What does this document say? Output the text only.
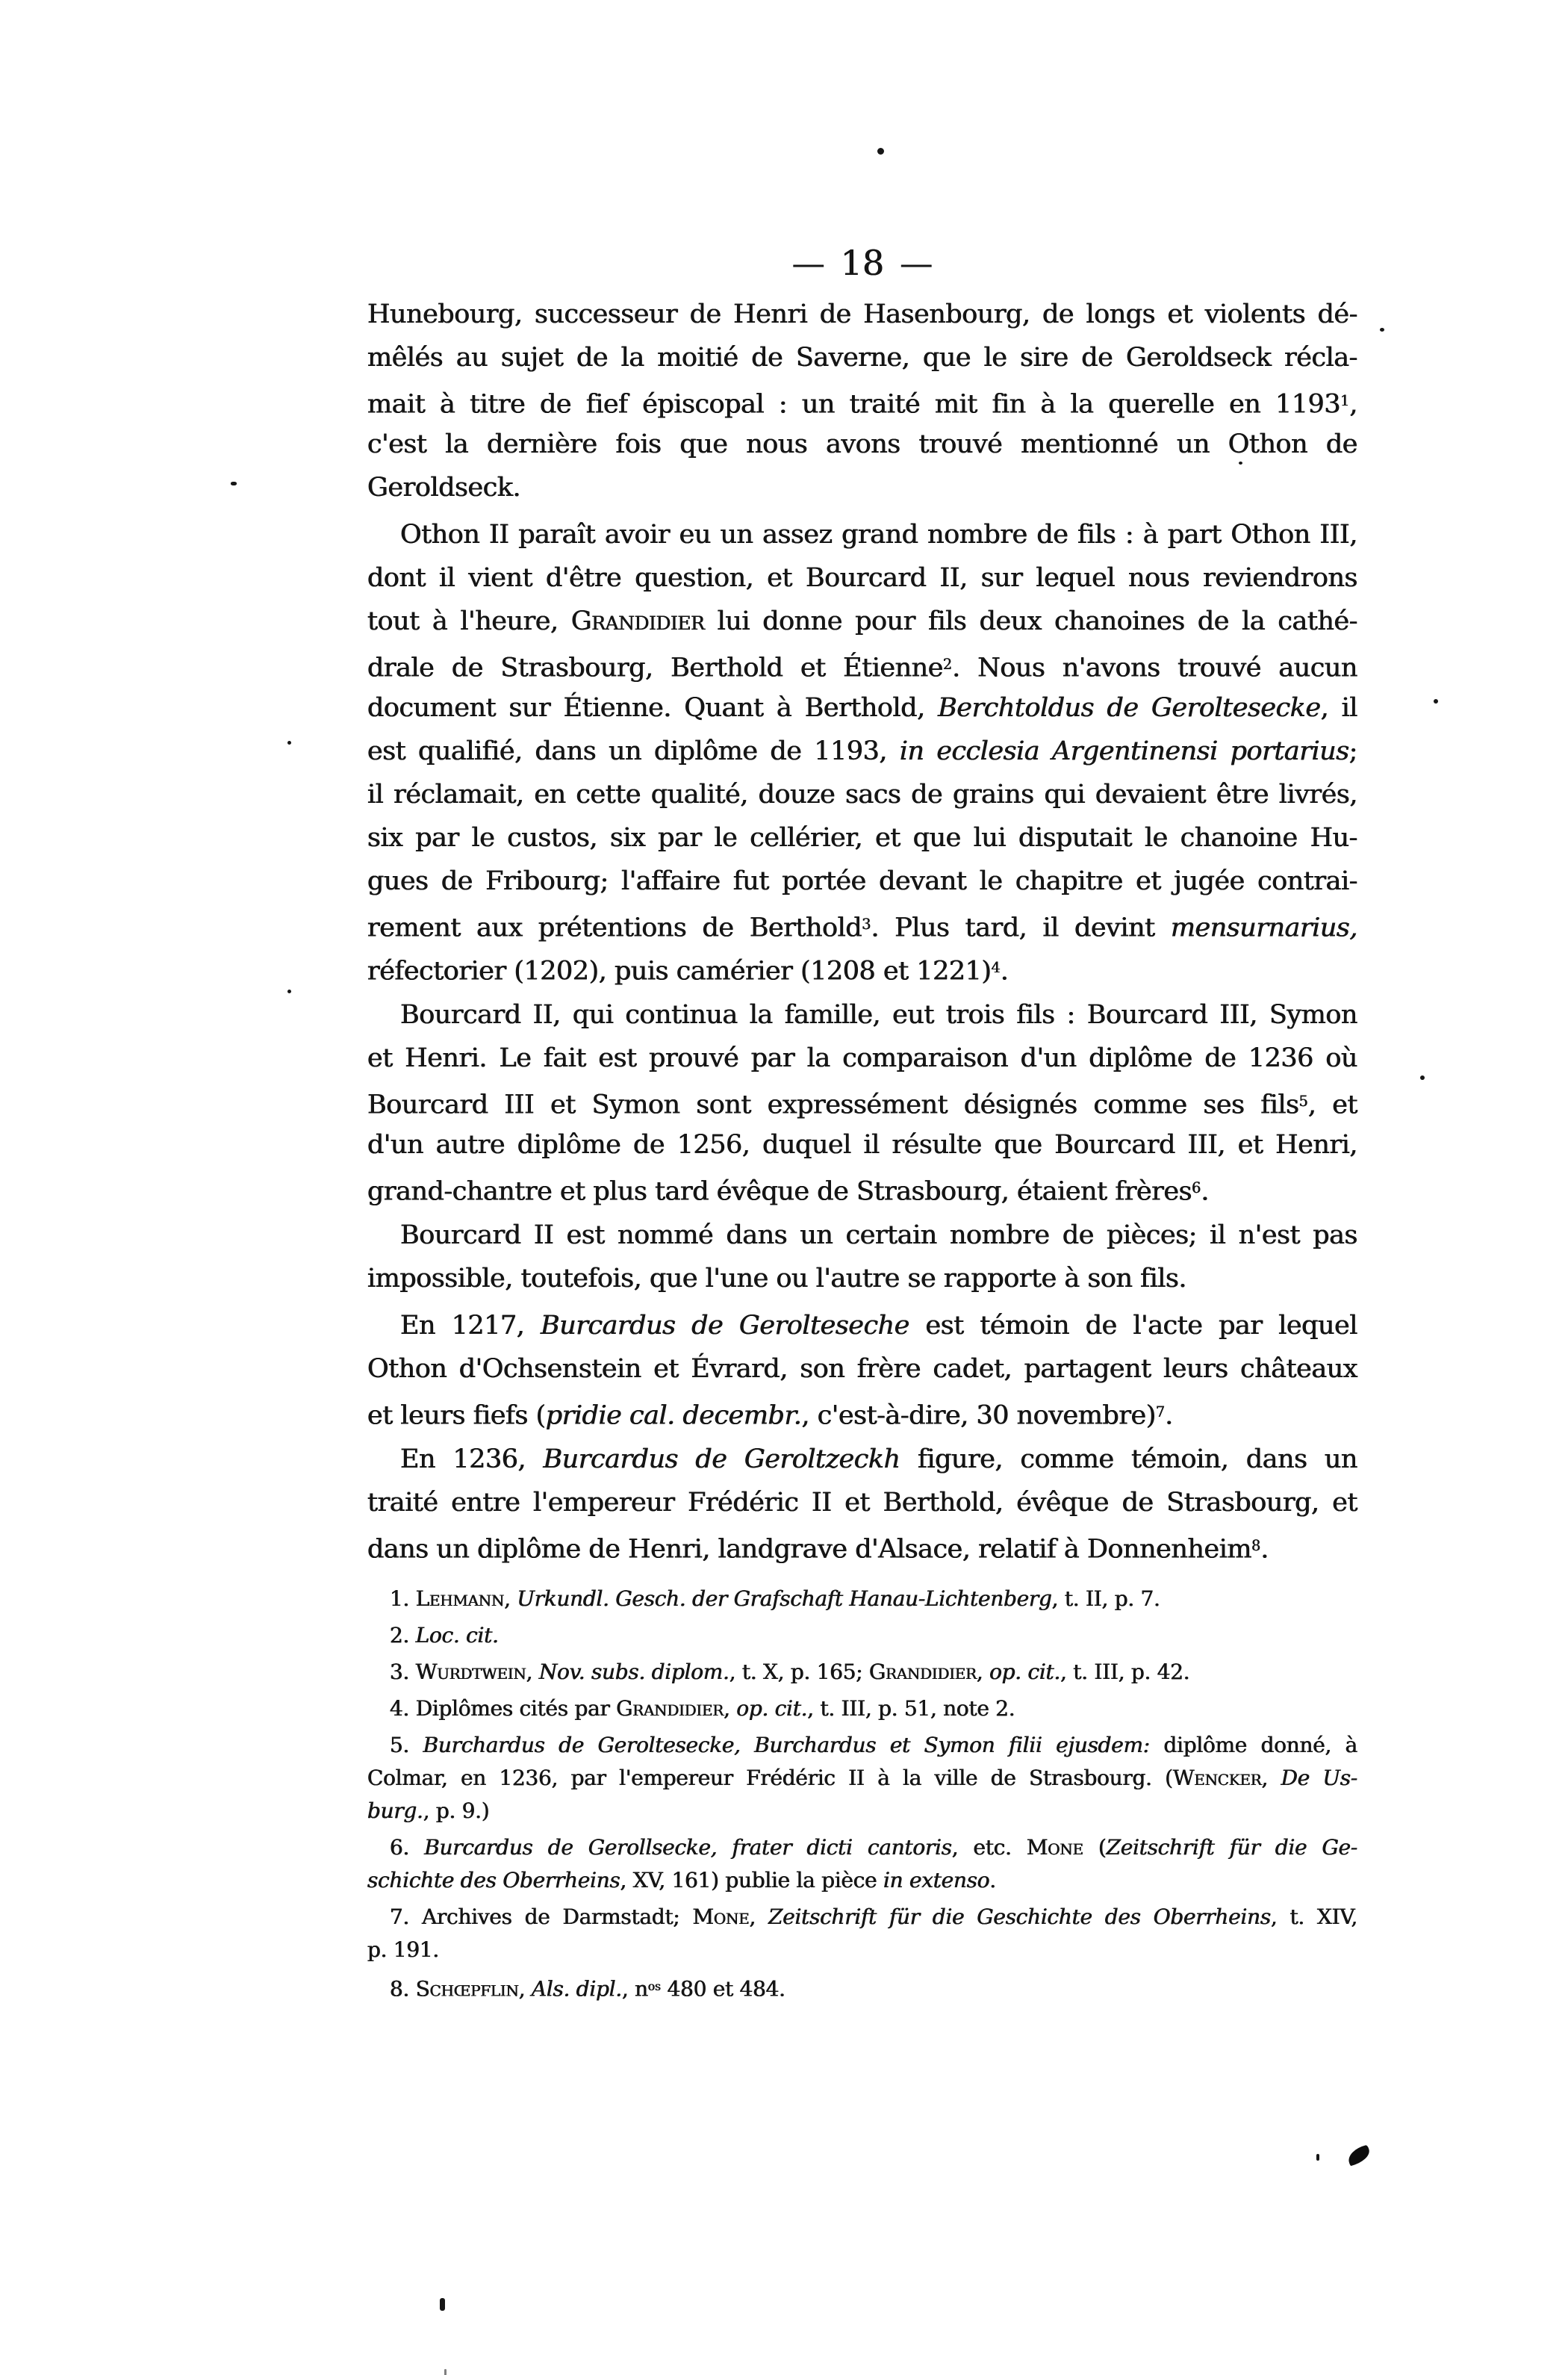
— 18 —
Hunebourg, successeur de Henri de Hasenbourg, de longs et violents dé-
mêlés au sujet de la moitié de Saverne, que le sire de Geroldseck récla-
mait à titre de fief épiscopal : un traité mit fin à la querelle en 1193$^1$,
c'est la dernière fois que nous avons trouvé mentionné un Othon de
Geroldseck.
Othon II paraît avoir eu un assez grand nombre de fils : à part Othon III,
dont il vient d'être question, et Bourcard II, sur lequel nous reviendrons
tout à l'heure, Grandidier lui donne pour fils deux chanoines de la cathé-
drale de Strasbourg, Berthold et Étienne$^2$. Nous n'avons trouvé aucun
document sur Étienne. Quant à Berthold, Berchtoldus de Geroltesecke, il
est qualifié, dans un diplôme de 1193, in ecclesia Argentinensi portarius;
il réclamait, en cette qualité, douze sacs de grains qui devaient être livrés,
six par le custos, six par le cellérier, et que lui disputait le chanoine Hu-
gues de Fribourg; l'affaire fut portée devant le chapitre et jugée contrai-
rement aux prétentions de Berthold$^3$. Plus tard, il devint mensurnarius,
réfectorier (1202), puis camérier (1208 et 1221)$^4$.
Bourcard II, qui continua la famille, eut trois fils : Bourcard III, Symon
et Henri. Le fait est prouvé par la comparaison d'un diplôme de 1236 où
Bourcard III et Symon sont expressément désignés comme ses fils$^5$, et
d'un autre diplôme de 1256, duquel il résulte que Bourcard III, et Henri,
grand-chantre et plus tard évêque de Strasbourg, étaient frères$^6$.
Bourcard II est nommé dans un certain nombre de pièces; il n'est pas
impossible, toutefois, que l'une ou l'autre se rapporte à son fils.
En 1217, Burcardus de Gerolteseche est témoin de l'acte par lequel
Othon d'Ochsenstein et Évrard, son frère cadet, partagent leurs châteaux
et leurs fiefs (pridie cal. decembr., c'est-à-dire, 30 novembre)$^7$.
En 1236, Burcardus de Geroltzeckh figure, comme témoin, dans un
traité entre l'empereur Frédéric II et Berthold, évêque de Strasbourg, et
dans un diplôme de Henri, landgrave d'Alsace, relatif à Donnenheim$^8$.
1. Lehmann, Urkundl. Gesch. der Grafschaft Hanau-Lichtenberg, t. II, p. 7.
2. Loc. cit.
3. Wurdtwein, Nov. subs. diplom., t. X, p. 165; Grandidier, op. cit., t. III, p. 42.
4. Diplômes cités par Grandidier, op. cit., t. III, p. 51, note 2.
5. Burchardus de Geroltesecke, Burchardus et Symon filii ejusdem: diplôme donné, à
Colmar, en 1236, par l'empereur Frédéric II à la ville de Strasbourg. (Wencker, De Us-
burg., p. 9.)
6. Burcardus de Gerollsecke, frater dicti cantoris, etc. Mone (Zeitschrift für die Ge-
schichte des Oberrheins, XV, 161) publie la pièce in extenso.
7. Archives de Darmstadt; Mone, Zeitschrift für die Geschichte des Oberrheins, t. XIV,
p. 191.
8. Schœpflin, Als. dipl., $n^{os}$ 480 et 484.
